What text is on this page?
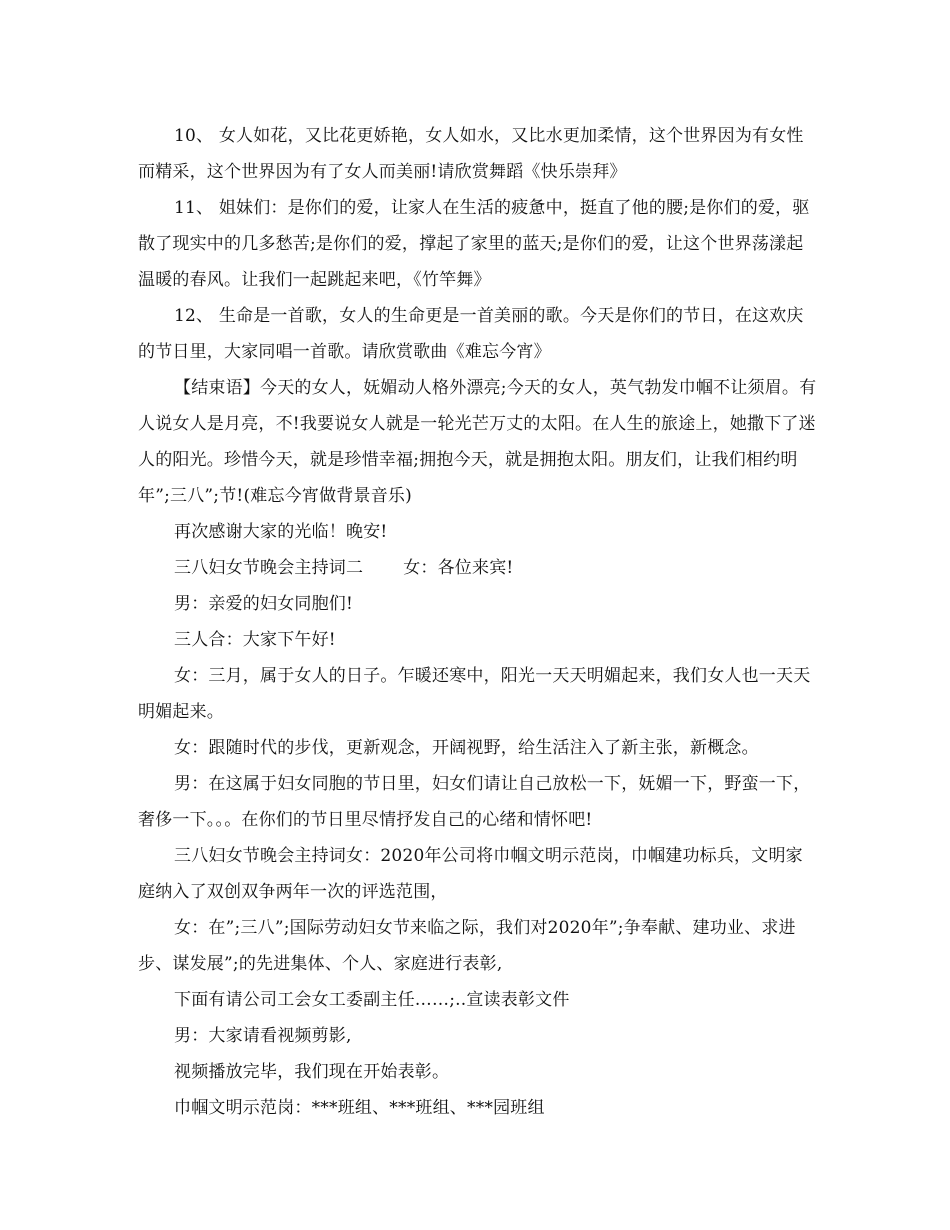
10、 女人如花，又比花更娇艳，女人如水，又比水更加柔情，这个世界因为有女性而精采，这个世界因为有了女人而美丽!请欣赏舞蹈《快乐崇拜》

11、 姐妹们：是你们的爱，让家人在生活的疲惫中，挺直了他的腰;是你们的爱，驱散了现实中的几多愁苦;是你们的爱，撑起了家里的蓝天;是你们的爱，让这个世界荡漾起温暖的春风。让我们一起跳起来吧，《竹竿舞》

12、 生命是一首歌，女人的生命更是一首美丽的歌。今天是你们的节日，在这欢庆的节日里，大家同唱一首歌。请欣赏歌曲《难忘今宵》

【结束语】今天的女人，妩媚动人格外漂亮;今天的女人，英气勃发巾帼不让须眉。有人说女人是月亮，不!我要说女人就是一轮光芒万丈的太阳。在人生的旅途上，她撒下了迷人的阳光。珍惜今天，就是珍惜幸福;拥抱今天，就是拥抱太阳。朋友们，让我们相约明年”;三八”;节!(难忘今宵做背景音乐)

再次感谢大家的光临！晚安!

三八妇女节晚会主持词二 女：各位来宾!

男：亲爱的妇女同胞们!

三人合：大家下午好!

女：三月，属于女人的日子。乍暖还寒中，阳光一天天明媚起来，我们女人也一天天明媚起来。

女：跟随时代的步伐，更新观念，开阔视野，给生活注入了新主张，新概念。

男：在这属于妇女同胞的节日里，妇女们请让自己放松一下，妩媚一下，野蛮一下，奢侈一下。。。在你们的节日里尽情抒发自己的心绪和情怀吧!

三八妇女节晚会主持词女：2020年公司将巾帼文明示范岗，巾帼建功标兵，文明家庭纳入了双创双争两年一次的评选范围，

女：在”;三八”;国际劳动妇女节来临之际，我们对2020年”;争奉献、建功业、求进步、谋发展”;的先进集体、个人、家庭进行表彰,

下面有请公司工会女工委副主任……;..宣读表彰文件

男：大家请看视频剪影,

视频播放完毕，我们现在开始表彰。

巾帼文明示范岗：***班组、***班组、***园班组
